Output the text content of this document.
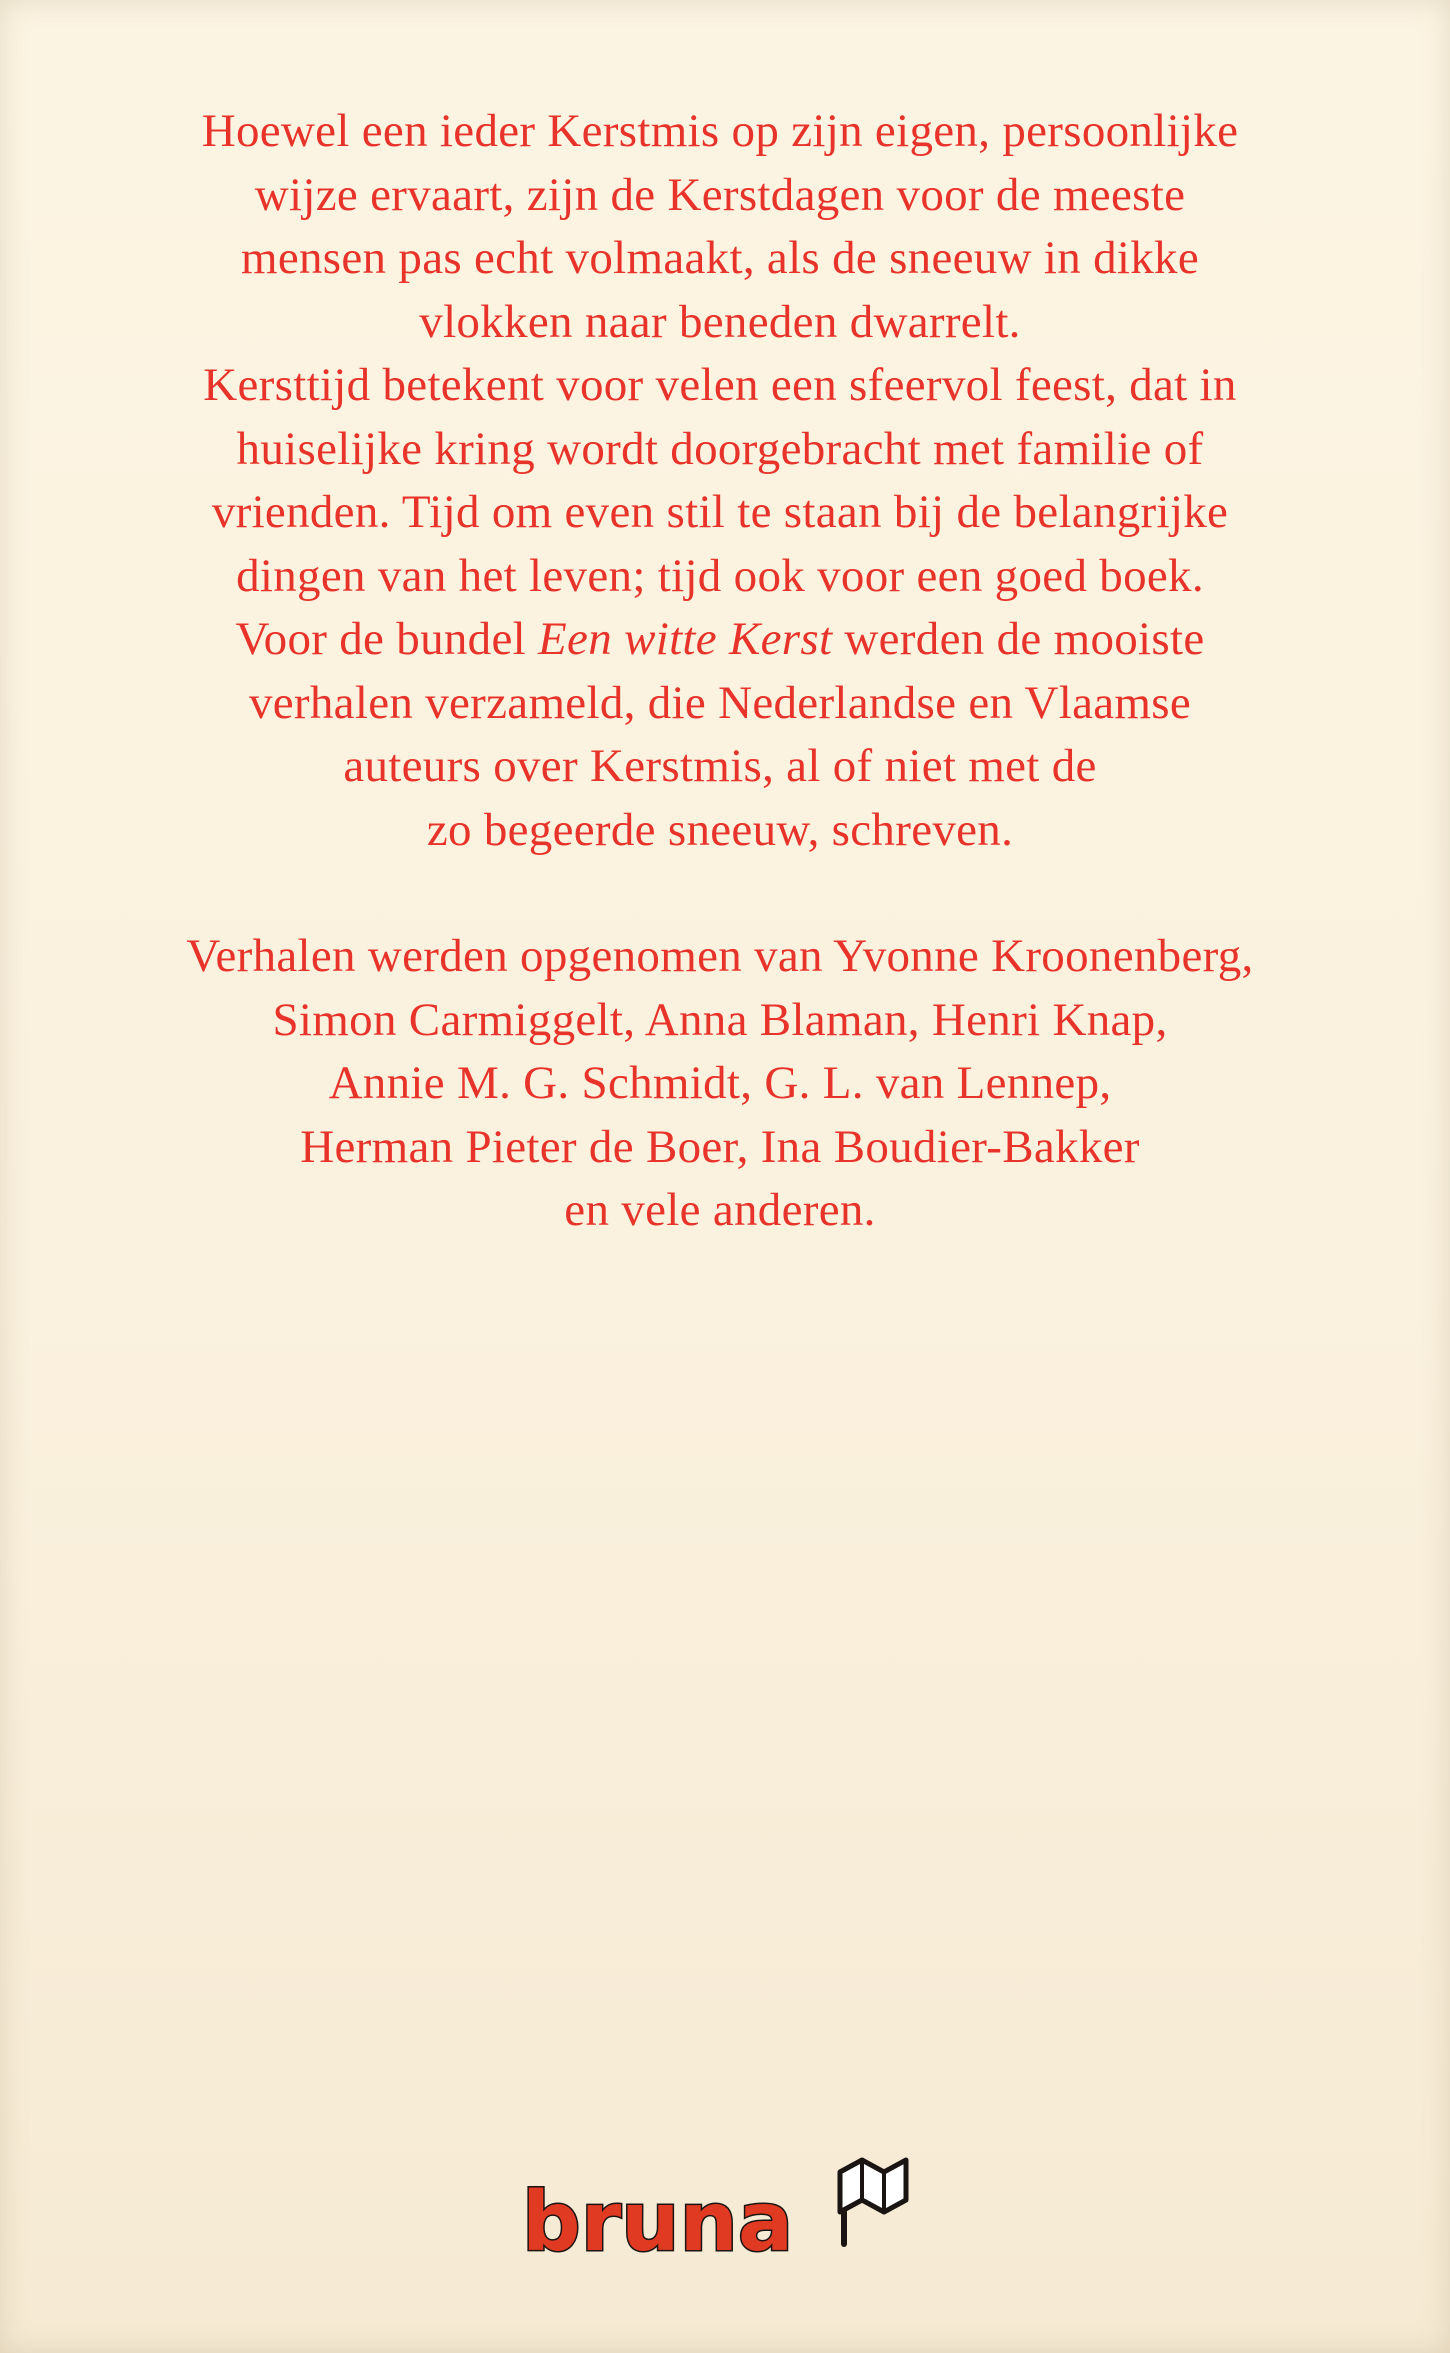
Hoewel een ieder Kerstmis op zijn eigen, persoonlijke
wijze ervaart, zijn de Kerstdagen voor de meeste
mensen pas echt volmaakt, als de sneeuw in dikke
vlokken naar beneden dwarrelt.
Kersttijd betekent voor velen een sfeervol feest, dat in
huiselijke kring wordt doorgebracht met familie of
vrienden. Tijd om even stil te staan bij de belangrijke
dingen van het leven; tijd ook voor een goed boek.
Voor de bundel Een witte Kerst werden de mooiste
verhalen verzameld, die Nederlandse en Vlaamse
auteurs over Kerstmis, al of niet met de
zo begeerde sneeuw, schreven.
Verhalen werden opgenomen van Yvonne Kroonenberg,
Simon Carmiggelt, Anna Blaman, Henri Knap,
Annie M. G. Schmidt, G. L. van Lennep,
Herman Pieter de Boer, Ina Boudier-Bakker
en vele anderen.
bruna
